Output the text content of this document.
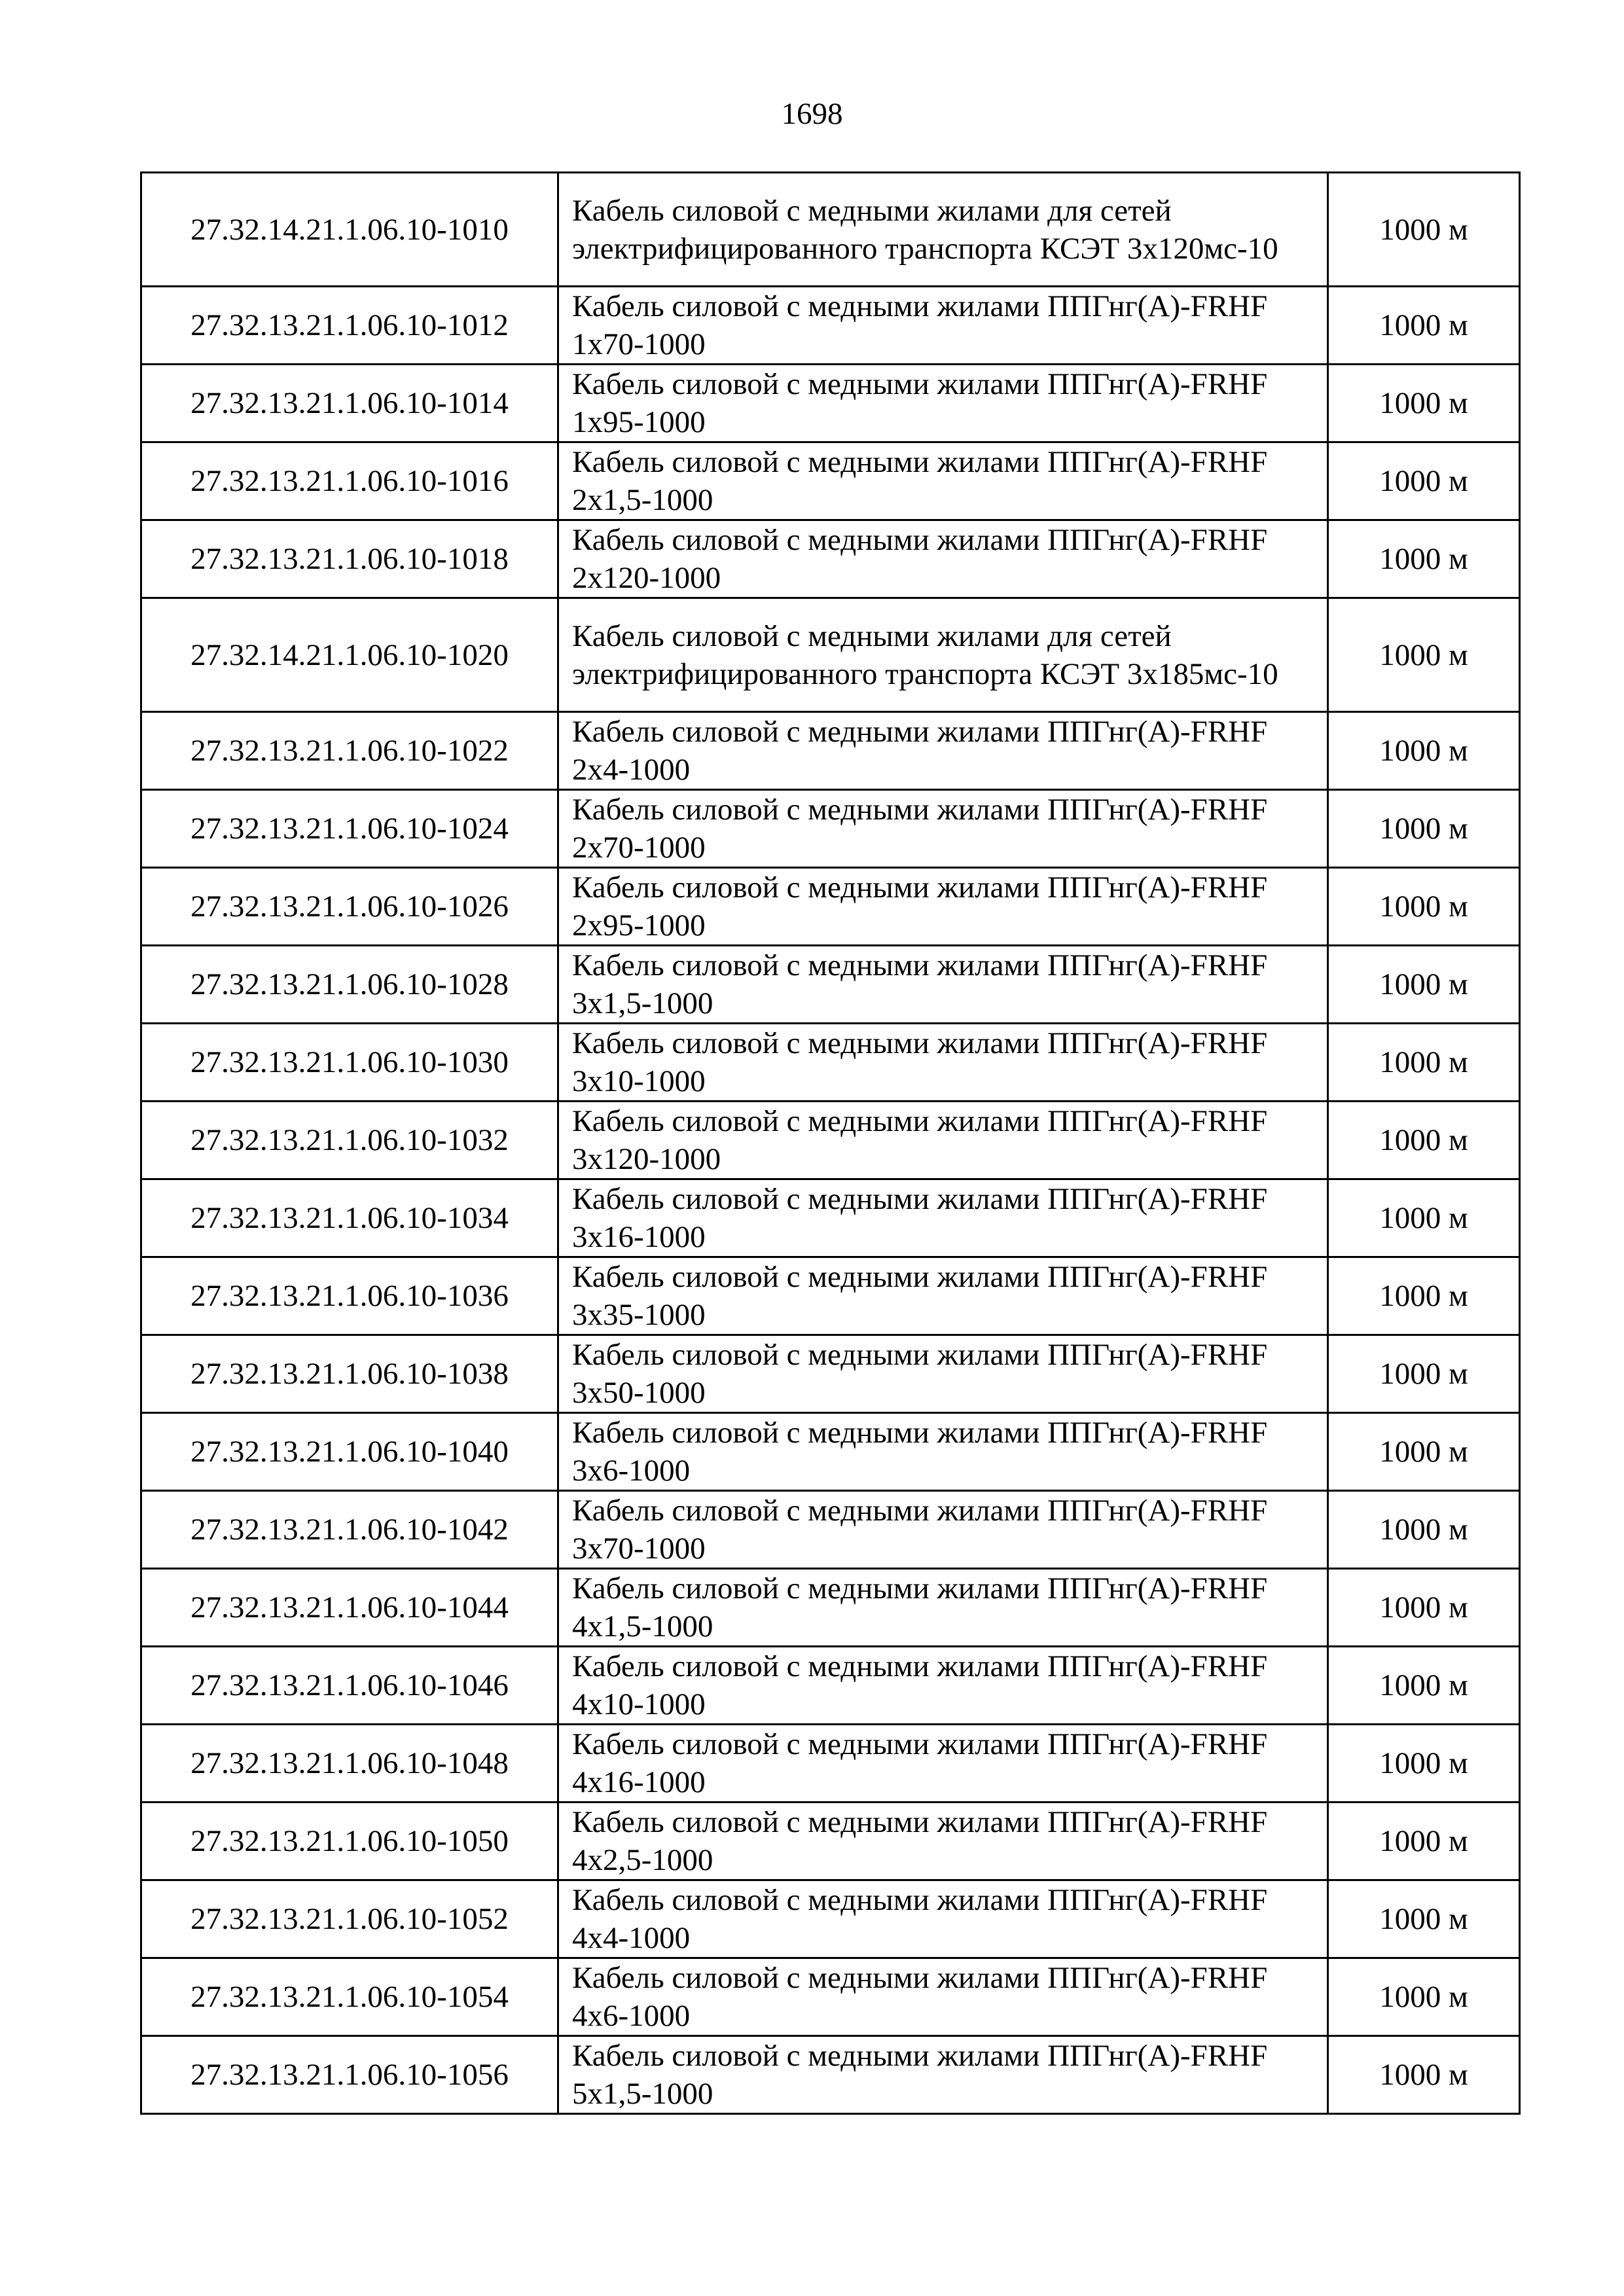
1698
27.32.14.21.1.06.10-1010	Кабель силовой с медными жилами для сетей электрифицированного транспорта КСЭТ 3х120мс-10	1000 м
27.32.13.21.1.06.10-1012	Кабель силовой с медными жилами ППГнг(А)-FRHF 1х70-1000	1000 м
27.32.13.21.1.06.10-1014	Кабель силовой с медными жилами ППГнг(А)-FRHF 1х95-1000	1000 м
27.32.13.21.1.06.10-1016	Кабель силовой с медными жилами ППГнг(А)-FRHF 2х1,5-1000	1000 м
27.32.13.21.1.06.10-1018	Кабель силовой с медными жилами ППГнг(А)-FRHF 2х120-1000	1000 м
27.32.14.21.1.06.10-1020	Кабель силовой с медными жилами для сетей электрифицированного транспорта КСЭТ 3х185мс-10	1000 м
27.32.13.21.1.06.10-1022	Кабель силовой с медными жилами ППГнг(А)-FRHF 2х4-1000	1000 м
27.32.13.21.1.06.10-1024	Кабель силовой с медными жилами ППГнг(А)-FRHF 2х70-1000	1000 м
27.32.13.21.1.06.10-1026	Кабель силовой с медными жилами ППГнг(А)-FRHF 2х95-1000	1000 м
27.32.13.21.1.06.10-1028	Кабель силовой с медными жилами ППГнг(А)-FRHF 3х1,5-1000	1000 м
27.32.13.21.1.06.10-1030	Кабель силовой с медными жилами ППГнг(А)-FRHF 3х10-1000	1000 м
27.32.13.21.1.06.10-1032	Кабель силовой с медными жилами ППГнг(А)-FRHF 3х120-1000	1000 м
27.32.13.21.1.06.10-1034	Кабель силовой с медными жилами ППГнг(А)-FRHF 3х16-1000	1000 м
27.32.13.21.1.06.10-1036	Кабель силовой с медными жилами ППГнг(А)-FRHF 3х35-1000	1000 м
27.32.13.21.1.06.10-1038	Кабель силовой с медными жилами ППГнг(А)-FRHF 3х50-1000	1000 м
27.32.13.21.1.06.10-1040	Кабель силовой с медными жилами ППГнг(А)-FRHF 3х6-1000	1000 м
27.32.13.21.1.06.10-1042	Кабель силовой с медными жилами ППГнг(А)-FRHF 3х70-1000	1000 м
27.32.13.21.1.06.10-1044	Кабель силовой с медными жилами ППГнг(А)-FRHF 4х1,5-1000	1000 м
27.32.13.21.1.06.10-1046	Кабель силовой с медными жилами ППГнг(А)-FRHF 4х10-1000	1000 м
27.32.13.21.1.06.10-1048	Кабель силовой с медными жилами ППГнг(А)-FRHF 4х16-1000	1000 м
27.32.13.21.1.06.10-1050	Кабель силовой с медными жилами ППГнг(А)-FRHF 4х2,5-1000	1000 м
27.32.13.21.1.06.10-1052	Кабель силовой с медными жилами ППГнг(А)-FRHF 4х4-1000	1000 м
27.32.13.21.1.06.10-1054	Кабель силовой с медными жилами ППГнг(А)-FRHF 4х6-1000	1000 м
27.32.13.21.1.06.10-1056	Кабель силовой с медными жилами ППГнг(А)-FRHF 5х1,5-1000	1000 м
